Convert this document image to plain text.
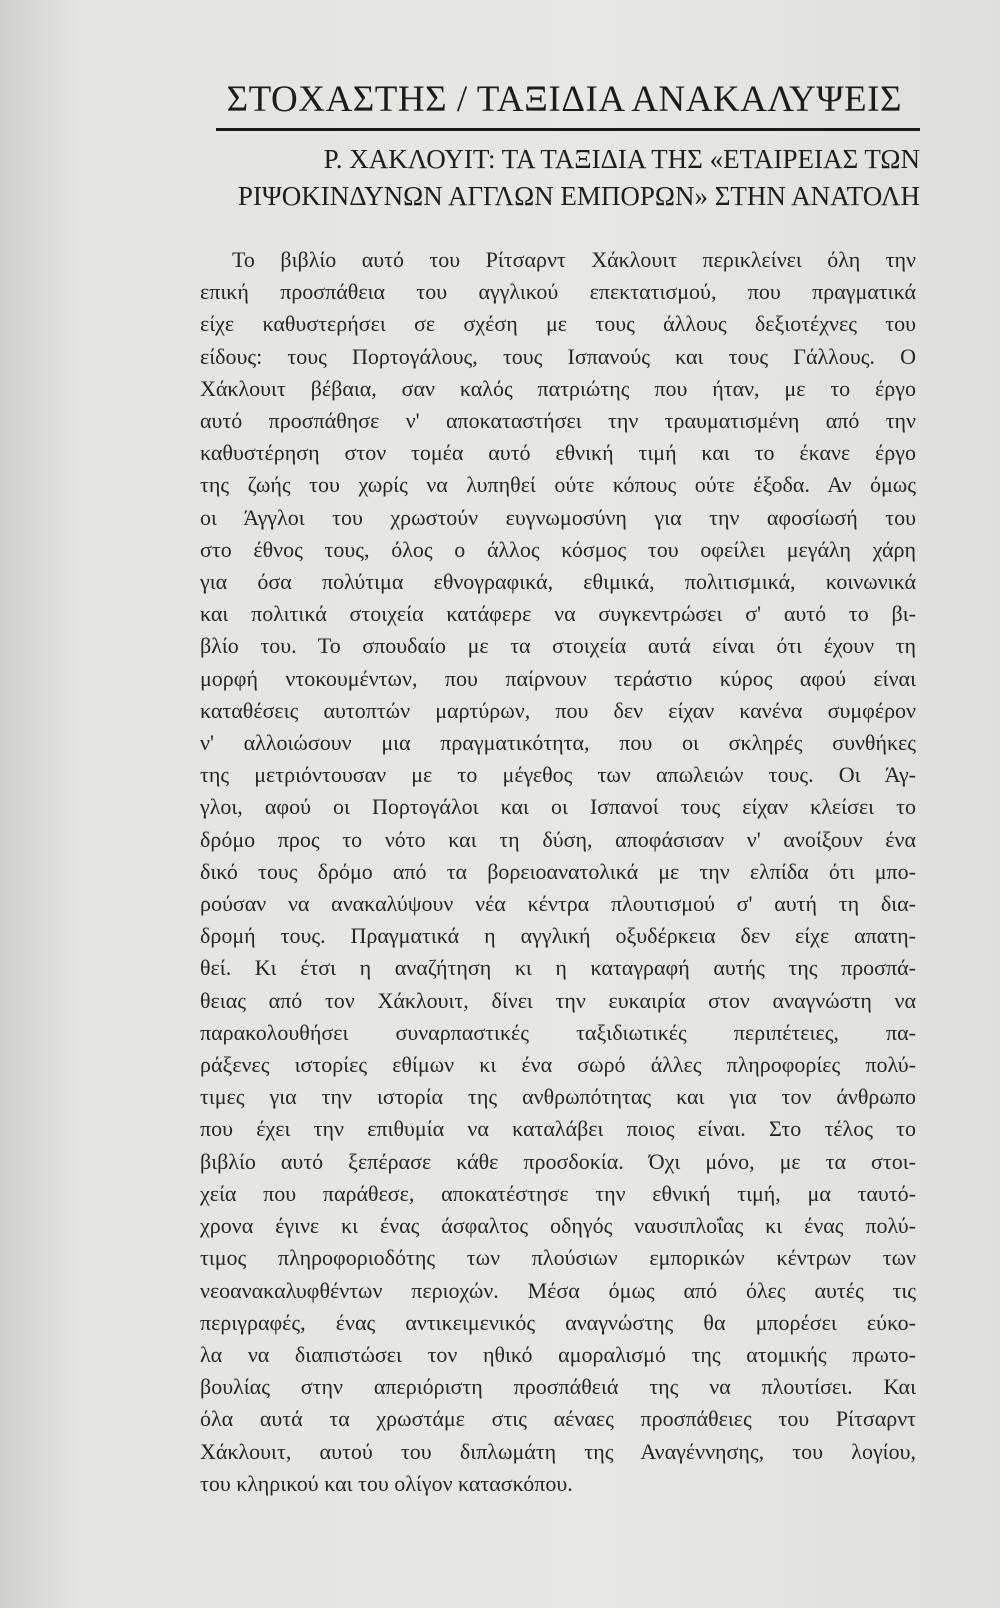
ΣΤΟΧΑΣΤΗΣ / ΤΑΞΙΔΙΑ ΑΝΑΚΑΛΥΨΕΙΣ
Ρ. ΧΑΚΛΟΥΙΤ: ΤΑ ΤΑΞΙΔΙΑ ΤΗΣ «ΕΤΑΙΡΕΙΑΣ ΤΩΝ
ΡΙΨΟΚΙΝΔΥΝΩΝ ΑΓΓΛΩΝ ΕΜΠΟΡΩΝ» ΣΤΗΝ ΑΝΑΤΟΛΗ
Το βιβλίο αυτό του Ρίτσαρντ Χάκλουιτ περικλείνει όλη την
επική προσπάθεια του αγγλικού επεκτατισμού, που πραγματικά
είχε καθυστερήσει σε σχέση με τους άλλους δεξιοτέχνες του
είδους: τους Πορτογάλους, τους Ισπανούς και τους Γάλλους. Ο
Χάκλουιτ βέβαια, σαν καλός πατριώτης που ήταν, με το έργο
αυτό προσπάθησε ν' αποκαταστήσει την τραυματισμένη από την
καθυστέρηση στον τομέα αυτό εθνική τιμή και το έκανε έργο
της ζωής του χωρίς να λυπηθεί ούτε κόπους ούτε έξοδα. Αν όμως
οι Άγγλοι του χρωστούν ευγνωμοσύνη για την αφοσίωσή του
στο έθνος τους, όλος ο άλλος κόσμος του οφείλει μεγάλη χάρη
για όσα πολύτιμα εθνογραφικά, εθιμικά, πολιτισμικά, κοινωνικά
και πολιτικά στοιχεία κατάφερε να συγκεντρώσει σ' αυτό το βι-
βλίο του. Το σπουδαίο με τα στοιχεία αυτά είναι ότι έχουν τη
μορφή ντοκουμέντων, που παίρνουν τεράστιο κύρος αφού είναι
καταθέσεις αυτοπτών μαρτύρων, που δεν είχαν κανένα συμφέρον
ν' αλλοιώσουν μια πραγματικότητα, που οι σκληρές συνθήκες
της μετριόντουσαν με το μέγεθος των απωλειών τους. Οι Άγ-
γλοι, αφού οι Πορτογάλοι και οι Ισπανοί τους είχαν κλείσει το
δρόμο προς το νότο και τη δύση, αποφάσισαν ν' ανοίξουν ένα
δικό τους δρόμο από τα βορειοανατολικά με την ελπίδα ότι μπο-
ρούσαν να ανακαλύψουν νέα κέντρα πλουτισμού σ' αυτή τη δια-
δρομή τους. Πραγματικά η αγγλική οξυδέρκεια δεν είχε απατη-
θεί. Κι έτσι η αναζήτηση κι η καταγραφή αυτής της προσπά-
θειας από τον Χάκλουιτ, δίνει την ευκαιρία στον αναγνώστη να
παρακολουθήσει συναρπαστικές ταξιδιωτικές περιπέτειες, πα-
ράξενες ιστορίες εθίμων κι ένα σωρό άλλες πληροφορίες πολύ-
τιμες για την ιστορία της ανθρωπότητας και για τον άνθρωπο
που έχει την επιθυμία να καταλάβει ποιος είναι. Στο τέλος το
βιβλίο αυτό ξεπέρασε κάθε προσδοκία. Όχι μόνο, με τα στοι-
χεία που παράθεσε, αποκατέστησε την εθνική τιμή, μα ταυτό-
χρονα έγινε κι ένας άσφαλτος οδηγός ναυσιπλοΐας κι ένας πολύ-
τιμος πληροφοριοδότης των πλούσιων εμπορικών κέντρων των
νεοανακαλυφθέντων περιοχών. Μέσα όμως από όλες αυτές τις
περιγραφές, ένας αντικειμενικός αναγνώστης θα μπορέσει εύκο-
λα να διαπιστώσει τον ηθικό αμοραλισμό της ατομικής πρωτο-
βουλίας στην απεριόριστη προσπάθειά της να πλουτίσει. Και
όλα αυτά τα χρωστάμε στις αέναες προσπάθειες του Ρίτσαρντ
Χάκλουιτ, αυτού του διπλωμάτη της Αναγέννησης, του λογίου,
του κληρικού και του ολίγον κατασκόπου.
